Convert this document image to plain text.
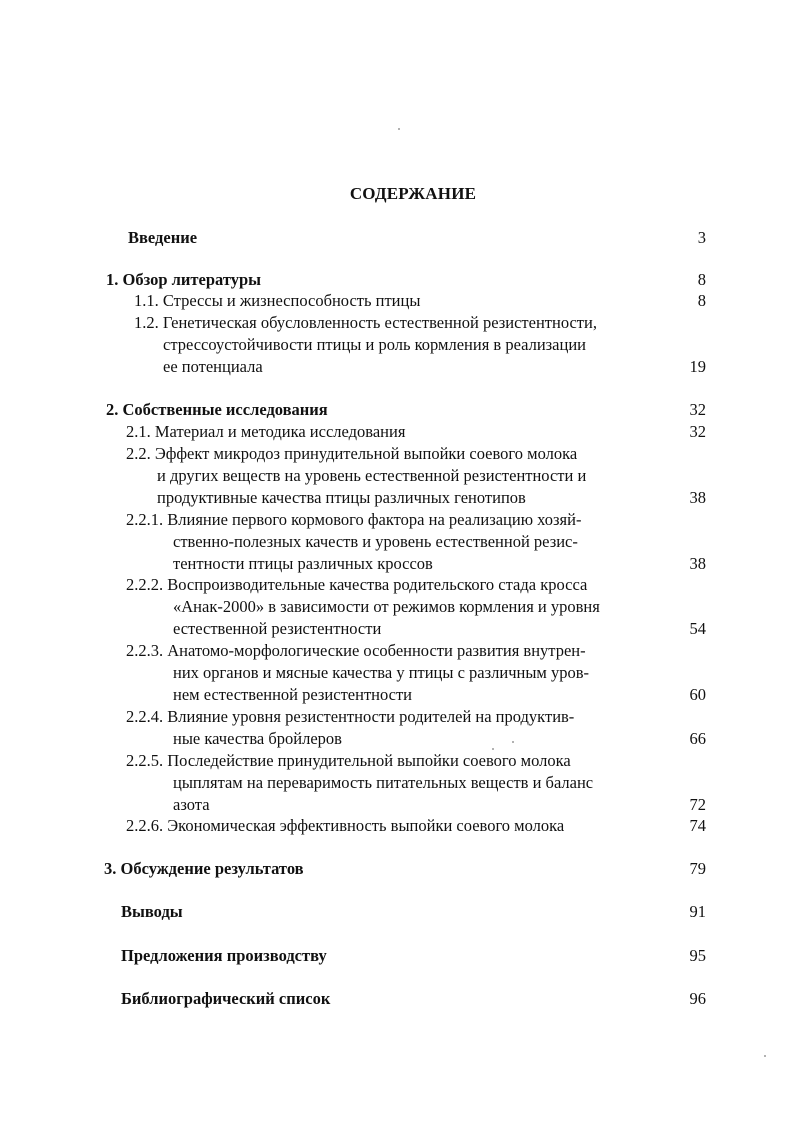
СОДЕРЖАНИЕ
Введение	3
1. Обзор литературы	8
1.1. Стрессы и жизнеспособность птицы	8
1.2. Генетическая обусловленность естественной резистентности,
стрессоустойчивости птицы и роль кормления в реализации
ее потенциала	19
2. Собственные исследования	32
2.1. Материал и методика исследования	32
2.2. Эффект микродоз принудительной выпойки соевого молока
и других веществ на уровень естественной резистентности и
продуктивные качества птицы различных генотипов	38
2.2.1. Влияние первого кормового фактора на реализацию хозяй-
ственно-полезных качеств и уровень естественной резис-
тентности птицы различных кроссов	38
2.2.2. Воспроизводительные качества родительского стада кросса
«Анак-2000» в зависимости от режимов кормления и уровня
естественной резистентности	54
2.2.3. Анатомо-морфологические особенности развития внутрен-
них органов и мясные качества у птицы с различным уров-
нем естественной резистентности	60
2.2.4. Влияние уровня резистентности родителей на продуктив-
ные качества бройлеров	66
2.2.5. Последействие принудительной выпойки соевого молока
цыплятам на переваримость питательных веществ и баланс
азота	72
2.2.6. Экономическая эффективность выпойки соевого молока	74
3. Обсуждение результатов	79
Выводы	91
Предложения производству	95
Библиографический список	96
